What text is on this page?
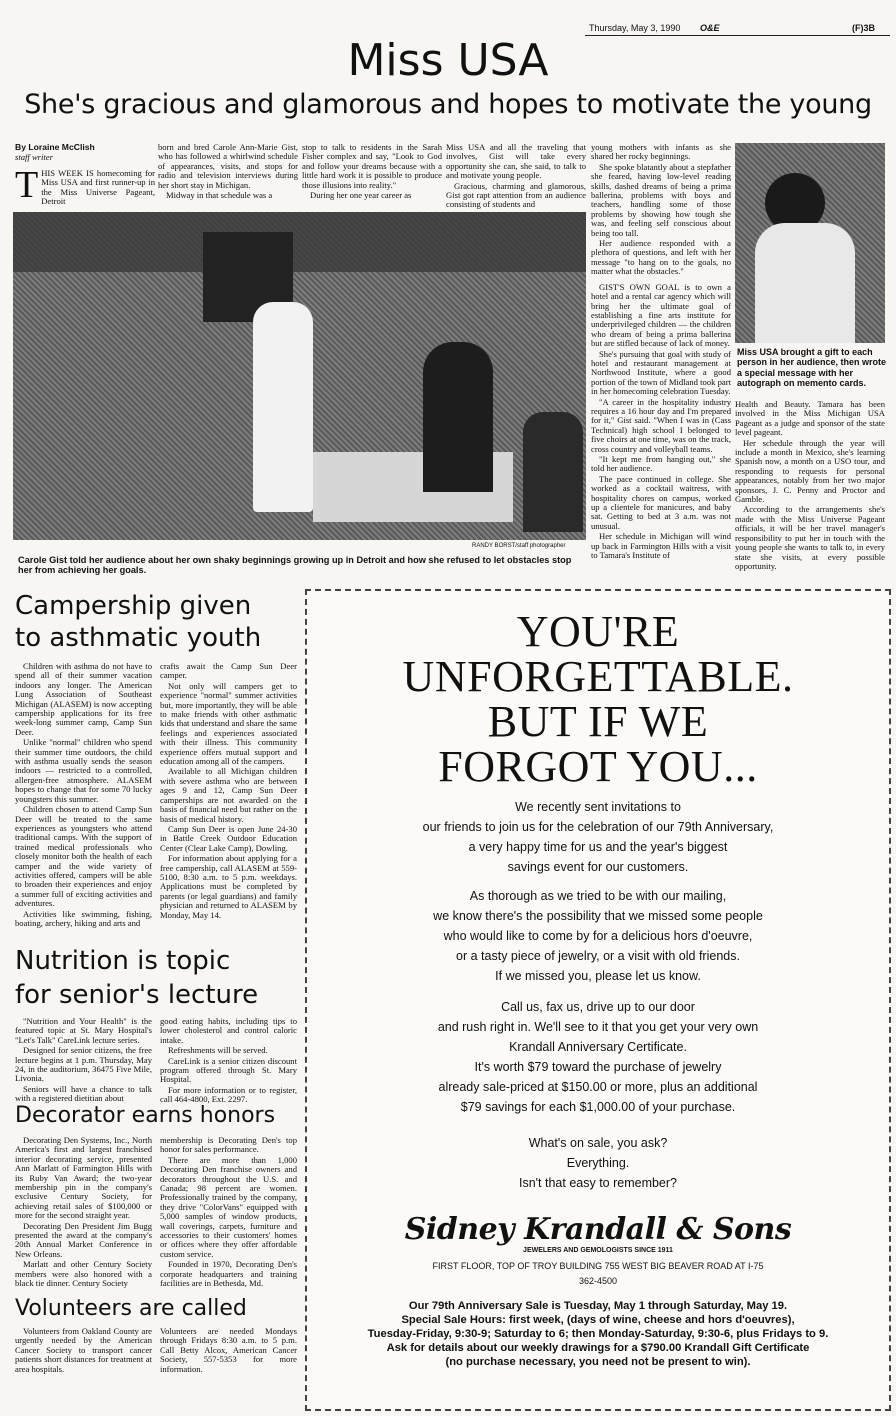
Thursday, May 3, 1990 O&E	(F)3B
Miss USA
She's gracious and glamorous and hopes to motivate the young

By Loraine McClish

staff writer

T HIS WEEK IS homecoming for Miss USA and first runner-up in the Miss Universe Pageant, Detroit

born and bred Carole Ann-Marie Gist, who has followed a whirlwind schedule of appearances, visits, and stops for radio and television interviews during her short stay in Michigan.

Midway in that schedule was a

stop to talk to residents in the Sarah Fisher complex and say, "Look to God and follow your dreams because with a little hard work it is possible to produce those illusions into reality."

During her one year career as

Miss USA and all the traveling that involves, Gist will take every opportunity she can, she said, to talk to and motivate young people.

Gracious, charming and glamorous, Gist got rapt attention from an audience consisting of students and

RANDY BORST/staff photographer

Carole Gist told her audience about her own shaky beginnings growing up in Detroit and how she refused to let obstacles stop her from achieving her goals.

young mothers with infants as she shared her rocky beginnings.

She spoke blatantly about a stepfather she feared, having low-level reading skills, dashed dreams of being a prima ballerina, problems with boys and teachers, handling some of those problems by showing how tough she was, and feeling self conscious about being too tall.

Her audience responded with a plethora of questions, and left with her message "to hang on to the goals, no matter what the obstacles."

GIST'S OWN GOAL is to own a hotel and a rental car agency which will bring her the ultimate goal of establishing a fine arts institute for underprivileged children — the children who dream of being a prima ballerina but are stifled because of lack of money.

She's pursuing that goal with study of hotel and restaurant management at Northwood Institute, where a good portion of the town of Midland took part in her homecoming celebration Tuesday.

"A career in the hospitality industry requires a 16 hour day and I'm prepared for it," Gist said. "When I was in (Cass Technical) high school I belonged to five choirs at one time, was on the track, cross country and volleyball teams.

"It kept me from hanging out," she told her audience.

The pace continued in college. She worked as a cocktail waitress, with hospitality chores on campus, worked up a clientele for manicures, and baby sat. Getting to bed at 3 a.m. was not unusual.

Her schedule in Michigan will wind up back in Farmington Hills with a visit to Tamara's Institute of

Miss USA brought a gift to each person in her audience, then wrote a special message with her autograph on memento cards.

Health and Beauty. Tamara has been involved in the Miss Michigan USA Pageant as a judge and sponsor of the state level pageant.

Her schedule through the year will include a month in Mexico, she's learning Spanish now, a month on a USO tour, and responding to requests for personal appearances, notably from her two major sponsors, J. C. Penny and Proctor and Gamble.

According to the arrangements she's made with the Miss Universe Pageant officials, it will be her travel manager's responsibility to put her in touch with the young people she wants to talk to, in every state she visits, at every possible opportunity.

Campership given
to asthmatic youth

Children with asthma do not have to spend all of their summer vacation indoors any longer. The American Lung Association of Southeast Michigan (ALASEM) is now accepting campership applications for its free week-long summer camp, Camp Sun Deer.

Unlike "normal" children who spend their summer time outdoors, the child with asthma usually sends the season indoors — restricted to a controlled, allergen-free atmosphere. ALASEM hopes to change that for some 70 lucky youngsters this summer.

Children chosen to attend Camp Sun Deer will be treated to the same experiences as youngsters who attend traditional camps. With the support of trained medical professionals who closely monitor both the health of each camper and the wide variety of activities offered, campers will be able to broaden their experiences and enjoy a summer full of exciting activities and adventures.

Activities like swimming, fishing, boating, archery, hiking and arts and

crafts await the Camp Sun Deer camper.

Not only will campers get to experience "normal" summer activities but, more importantly, they will be able to make friends with other asthmatic kids that understand and share the same feelings and experiences associated with their illness. This community experience offers mutual support and education among all of the campers.

Available to all Michigan children with severe asthma who are between ages 9 and 12, Camp Sun Deer camperships are not awarded on the basis of financial need but rather on the basis of medical history.

Camp Sun Deer is open June 24-30 in Battle Creek Outdoor Education Center (Clear Lake Camp), Dowling.

For information about applying for a free campership, call ALASEM at 559-5100, 8:30 a.m. to 5 p.m. weekdays. Applications must be completed by parents (or legal guardians) and family physician and returned to ALASEM by Monday, May 14.

Nutrition is topic
for senior's lecture

"Nutrition and Your Health" is the featured topic at St. Mary Hospital's "Let's Talk" CareLink lecture series.

Designed for senior citizens, the free lecture begins at 1 p.m. Thursday, May 24, in the auditorium, 36475 Five Mile, Livonia.

Seniors will have a chance to talk with a registered dietitian about

good eating habits, including tips to lower cholesterol and control caloric intake.

Refreshments will be served.

CareLink is a senior citizen discount program offered through St. Mary Hospital.

For more information or to register, call 464-4800, Ext. 2297.

Decorator earns honors

Decorating Den Systems, Inc., North America's first and largest franchised interior decorating service, presented Ann Marlatt of Farmington Hills with its Ruby Van Award; the two-year membership pin in the company's exclusive Century Society, for achieving retail sales of $100,000 or more for the second straight year.

Decorating Den President Jim Bugg presented the award at the company's 20th Annual Market Conference in New Orleans.

Marlatt and other Century Society members were also honored with a black tie dinner. Century Society

membership is Decorating Den's top honor for sales performance.

There are more than 1,000 Decorating Den franchise owners and decorators throughout the U.S. and Canada; 98 percent are women. Professionally trained by the company, they drive "ColorVans" equipped with 5,000 samples of window products, wall coverings, carpets, furniture and accessories to their customers' homes or offices where they offer affordable custom service.

Founded in 1970, Decorating Den's corporate headquarters and training facilities are in Bethesda, Md.

Volunteers are called

Volunteers from Oakland County are urgently needed by the American Cancer Society to transport cancer patients short distances for treatment at area hospitals.

Volunteers are needed Mondays through Fridays 8:30 a.m. to 5 p.m. Call Betty Alcox, American Cancer Society, 557-5353 for more information.

YOU'RE
UNFORGETTABLE.
BUT IF WE
FORGOT YOU...
We recently sent invitations to
our friends to join us for the celebration of our 79th Anniversary,
a very happy time for us and the year's biggest
savings event for our customers.
As thorough as we tried to be with our mailing,
we know there's the possibility that we missed some people
who would like to come by for a delicious hors d'oeuvre,
or a tasty piece of jewelry, or a visit with old friends.
If we missed you, please let us know.
Call us, fax us, drive up to our door
and rush right in. We'll see to it that you get your very own
Krandall Anniversary Certificate.
It's worth $79 toward the purchase of jewelry
already sale-priced at $150.00 or more, plus an additional
$79 savings for each $1,000.00 of your purchase.
What's on sale, you ask?
Everything.
Isn't that easy to remember?
Sidney Krandall & Sons
JEWELERS AND GEMOLOGISTS SINCE 1911
FIRST FLOOR, TOP OF TROY BUILDING 755 WEST BIG BEAVER ROAD AT I-75
362-4500
Our 79th Anniversary Sale is Tuesday, May 1 through Saturday, May 19.
Special Sale Hours: first week, (days of wine, cheese and hors d'oeuvres),
Tuesday-Friday, 9:30-9; Saturday to 6; then Monday-Saturday, 9:30-6, plus Fridays to 9.
Ask for details about our weekly drawings for a $790.00 Krandall Gift Certificate
(no purchase necessary, you need not be present to win).
